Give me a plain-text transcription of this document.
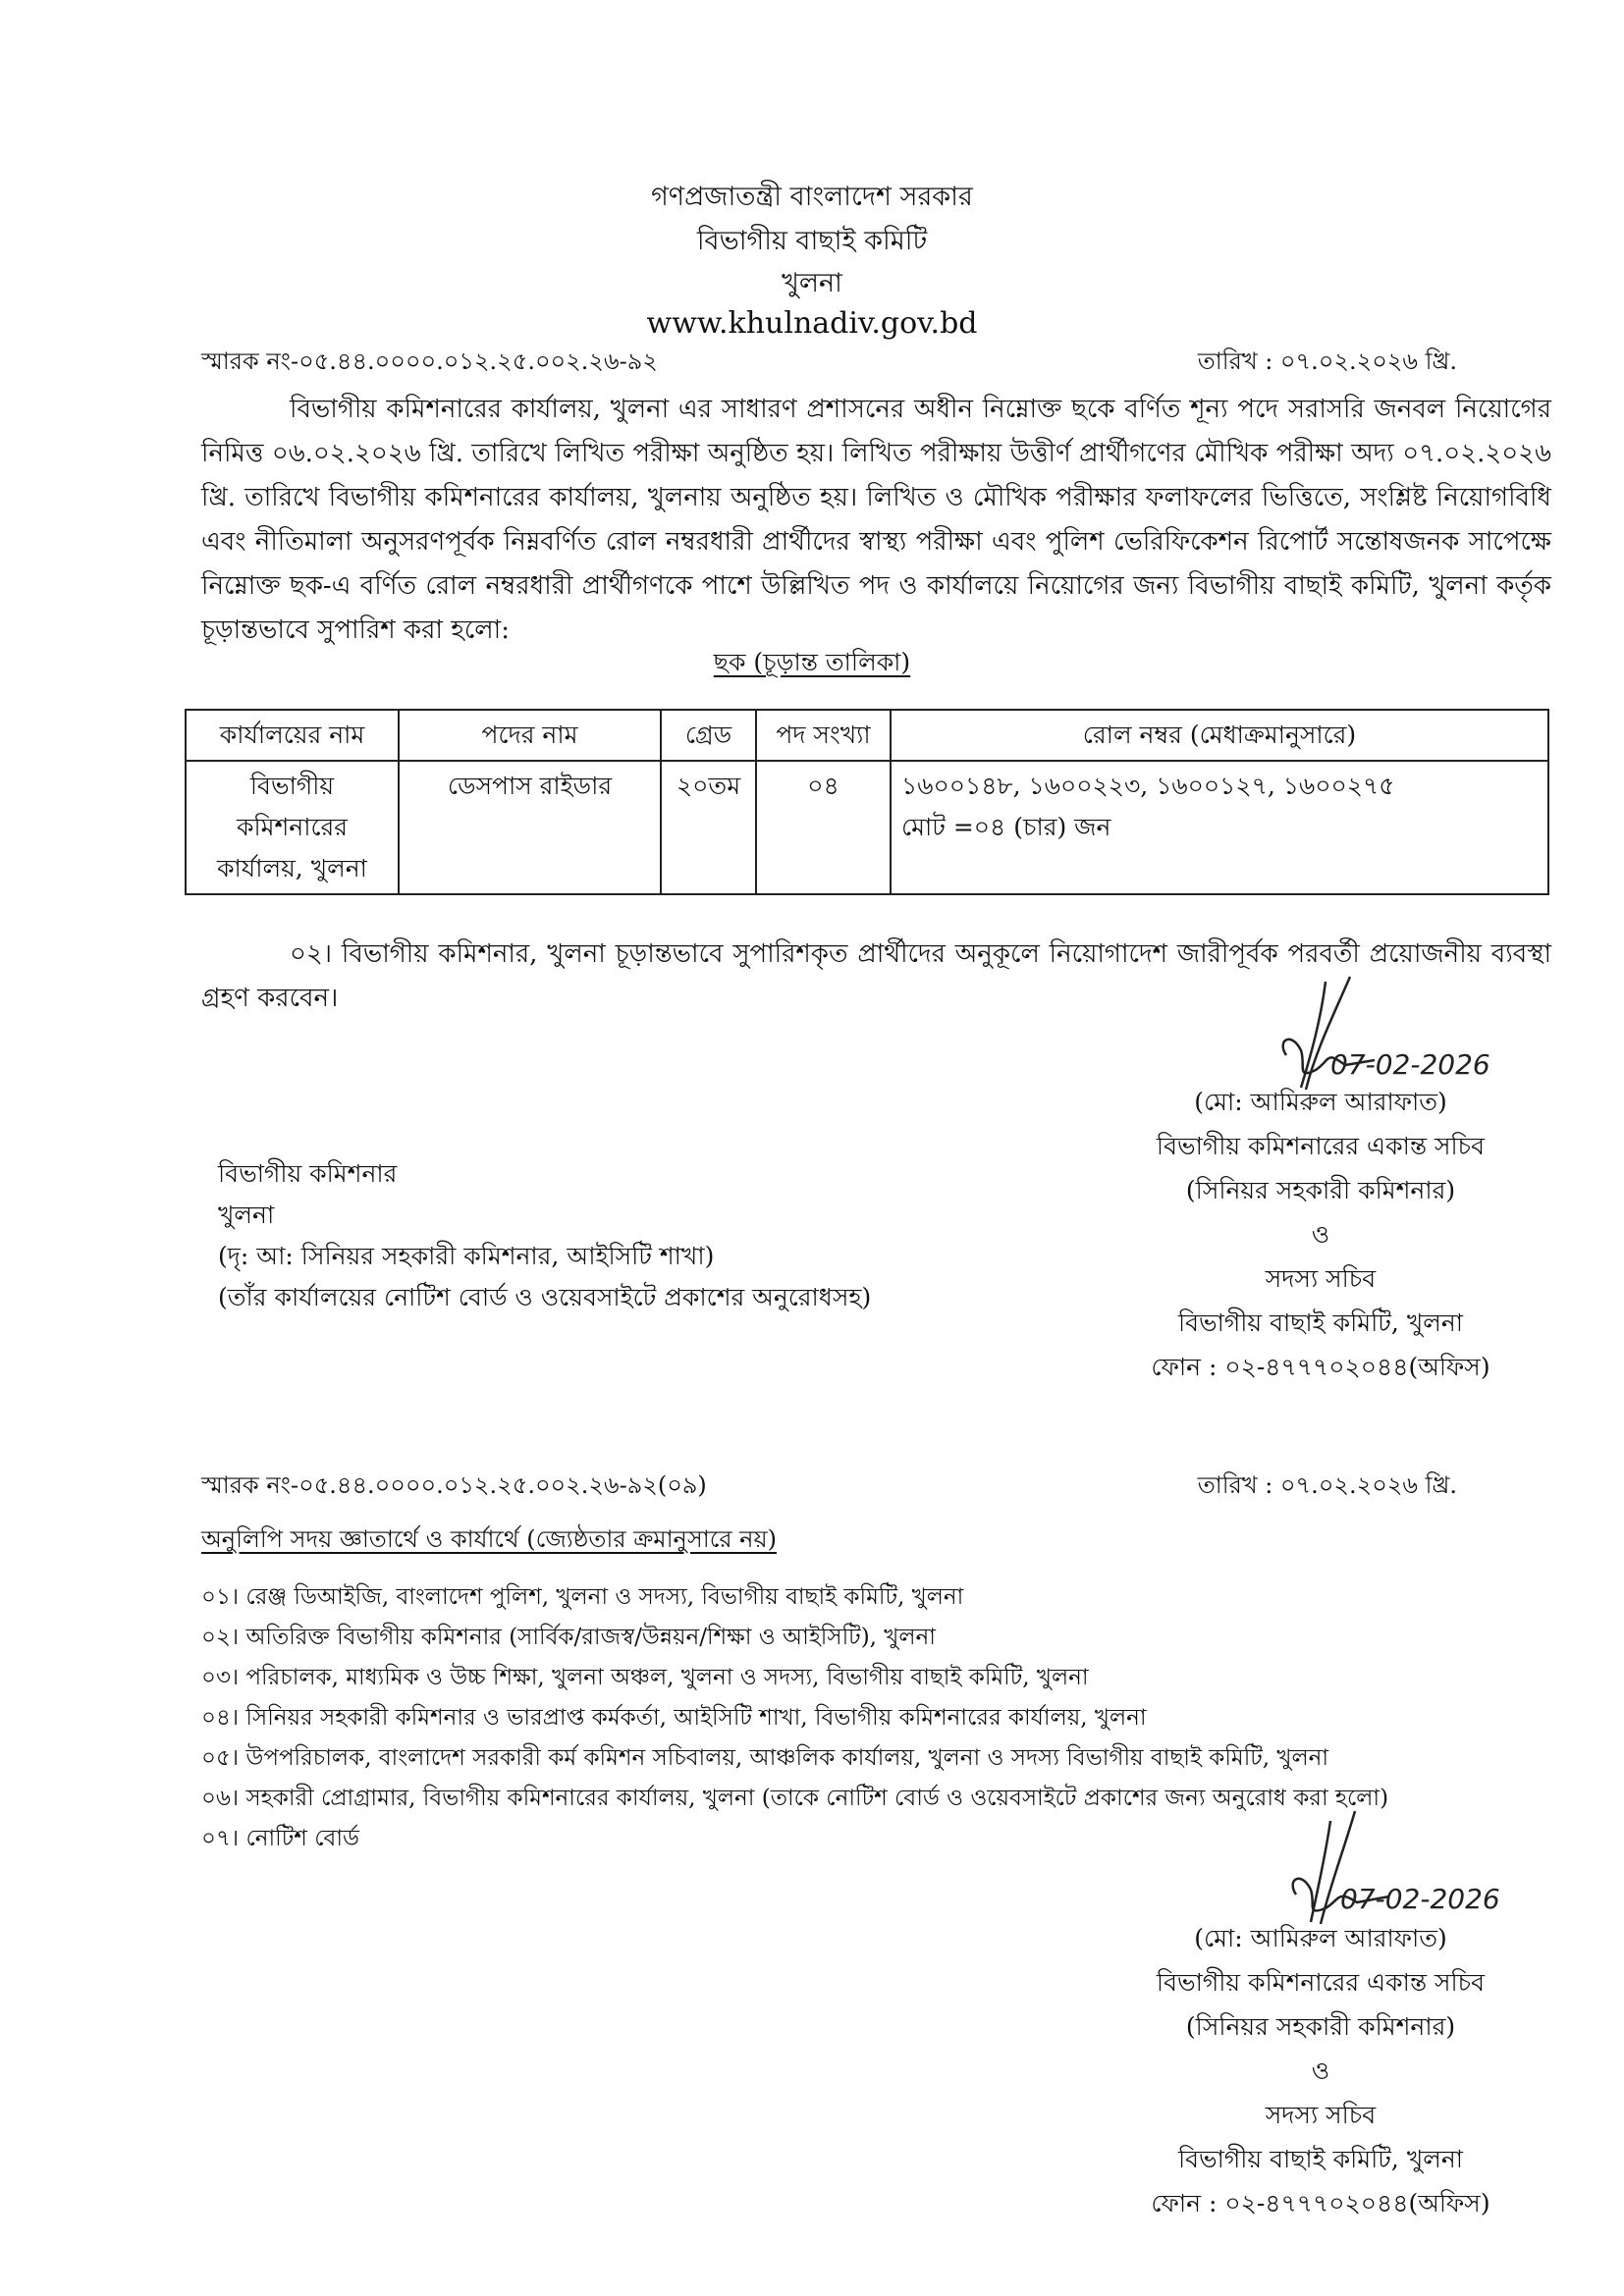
গণপ্রজাতন্ত্রী বাংলাদেশ সরকার
বিভাগীয় বাছাই কমিটি
খুলনা
www.khulnadiv.gov.bd
স্মারক নং-০৫.৪৪.০০০০.০১২.২৫.০০২.২৬-৯২	তারিখ : ০৭.০২.২০২৬ খ্রি.
বিভাগীয় কমিশনারের কার্যালয়, খুলনা এর সাধারণ প্রশাসনের অধীন নিম্নোক্ত ছকে বর্ণিত শূন্য পদে সরাসরি জনবল নিয়োগের নিমিত্ত ০৬.০২.২০২৬ খ্রি. তারিখে লিখিত পরীক্ষা অনুষ্ঠিত হয়। লিখিত পরীক্ষায় উত্তীর্ণ প্রার্থীগণের মৌখিক পরীক্ষা অদ্য ০৭.০২.২০২৬ খ্রি. তারিখে বিভাগীয় কমিশনারের কার্যালয়, খুলনায় অনুষ্ঠিত হয়। লিখিত ও মৌখিক পরীক্ষার ফলাফলের ভিত্তিতে, সংশ্লিষ্ট নিয়োগবিধি এবং নীতিমালা অনুসরণপূর্বক নিম্নবর্ণিত রোল নম্বরধারী প্রার্থীদের স্বাস্থ্য পরীক্ষা এবং পুলিশ ভেরিফিকেশন রিপোর্ট সন্তোষজনক সাপেক্ষে নিম্নোক্ত ছক-এ বর্ণিত রোল নম্বরধারী প্রার্থীগণকে পাশে উল্লিখিত পদ ও কার্যালয়ে নিয়োগের জন্য বিভাগীয় বাছাই কমিটি, খুলনা কর্তৃক চূড়ান্তভাবে সুপারিশ করা হলো:
ছক (চূড়ান্ত তালিকা)
কার্যালয়ের নাম	পদের নাম	গ্রেড	পদ সংখ্যা	রোল নম্বর (মেধাক্রমানুসারে)
বিভাগীয় কমিশনারের কার্যালয়, খুলনা	ডেসপাস রাইডার	২০তম	০৪	১৬০০১৪৮, ১৬০০২২৩, ১৬০০১২৭, ১৬০০২৭৫
মোট =০৪ (চার) জন
০২। বিভাগীয় কমিশনার, খুলনা চূড়ান্তভাবে সুপারিশকৃত প্রার্থীদের অনুকূলে নিয়োগাদেশ জারীপূর্বক পরবর্তী প্রয়োজনীয় ব্যবস্থা গ্রহণ করবেন।
07-02-2026
(মো: আমিরুল আরাফাত)
বিভাগীয় কমিশনারের একান্ত সচিব
(সিনিয়র সহকারী কমিশনার)
ও
সদস্য সচিব
বিভাগীয় বাছাই কমিটি, খুলনা
ফোন : ০২-৪৭৭৭০২০৪৪(অফিস)
বিভাগীয় কমিশনার
খুলনা
(দৃ: আ: সিনিয়র সহকারী কমিশনার, আইসিটি শাখা)
(তাঁর কার্যালয়ের নোটিশ বোর্ড ও ওয়েবসাইটে প্রকাশের অনুরোধসহ)
স্মারক নং-০৫.৪৪.০০০০.০১২.২৫.০০২.২৬-৯২(০৯)	তারিখ : ০৭.০২.২০২৬ খ্রি.
অনুলিপি সদয় জ্ঞাতার্থে ও কার্যার্থে (জ্যেষ্ঠতার ক্রমানুসারে নয়)
০১। রেঞ্জ ডিআইজি, বাংলাদেশ পুলিশ, খুলনা ও সদস্য, বিভাগীয় বাছাই কমিটি, খুলনা
০২। অতিরিক্ত বিভাগীয় কমিশনার (সার্বিক/রাজস্ব/উন্নয়ন/শিক্ষা ও আইসিটি), খুলনা
০৩। পরিচালক, মাধ্যমিক ও উচ্চ শিক্ষা, খুলনা অঞ্চল, খুলনা ও সদস্য, বিভাগীয় বাছাই কমিটি, খুলনা
০৪। সিনিয়র সহকারী কমিশনার ও ভারপ্রাপ্ত কর্মকর্তা, আইসিটি শাখা, বিভাগীয় কমিশনারের কার্যালয়, খুলনা
০৫। উপপরিচালক, বাংলাদেশ সরকারী কর্ম কমিশন সচিবালয়, আঞ্চলিক কার্যালয়, খুলনা ও সদস্য বিভাগীয় বাছাই কমিটি, খুলনা
০৬। সহকারী প্রোগ্রামার, বিভাগীয় কমিশনারের কার্যালয়, খুলনা (তাকে নোটিশ বোর্ড ও ওয়েবসাইটে প্রকাশের জন্য অনুরোধ করা হলো)
০৭। নোটিশ বোর্ড
07-02-2026
(মো: আমিরুল আরাফাত)
বিভাগীয় কমিশনারের একান্ত সচিব
(সিনিয়র সহকারী কমিশনার)
ও
সদস্য সচিব
বিভাগীয় বাছাই কমিটি, খুলনা
ফোন : ০২-৪৭৭৭০২০৪৪(অফিস)
